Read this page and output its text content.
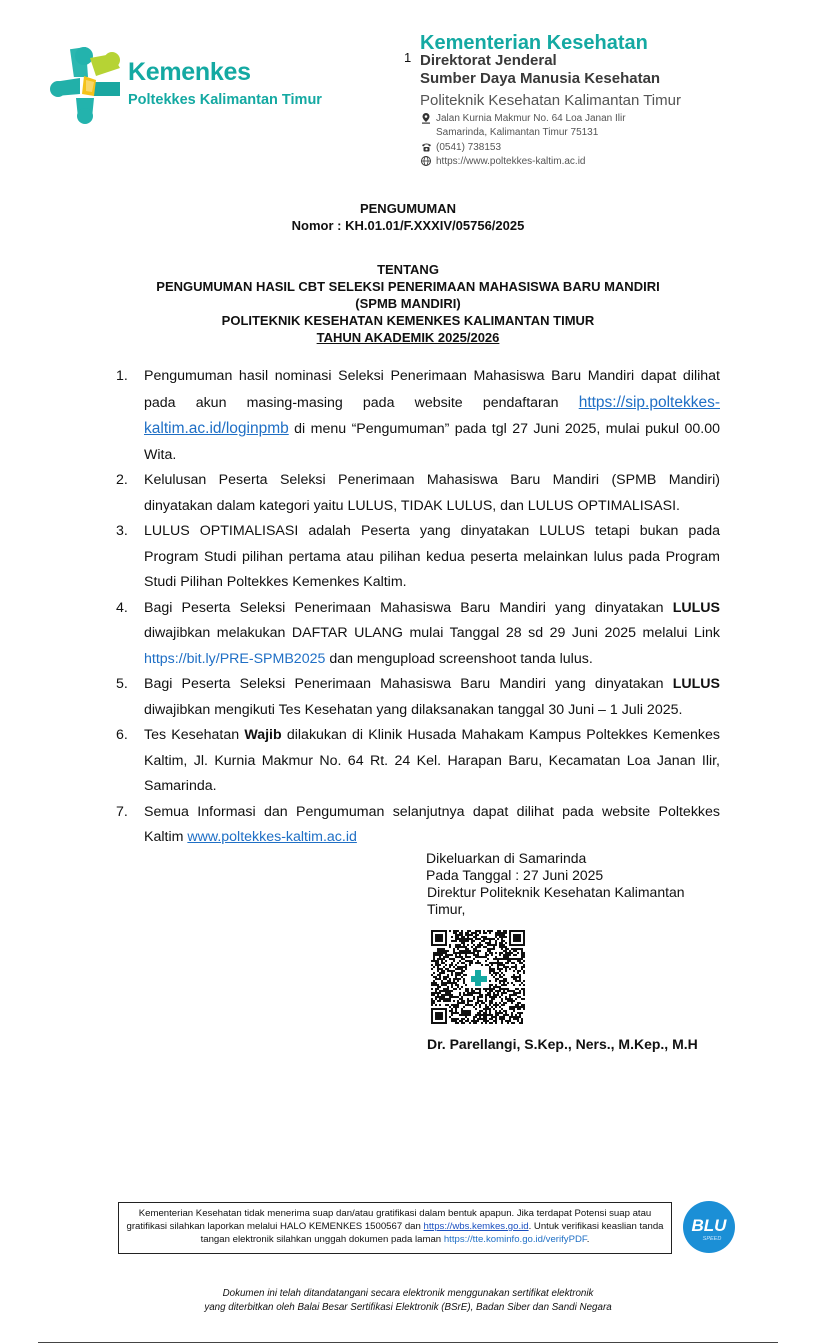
Kemenkes
Poltekkes Kalimantan Timur
1
Kementerian Kesehatan
Direktorat Jenderal
Sumber Daya Manusia Kesehatan
Politeknik Kesehatan Kalimantan Timur
Jalan Kurnia Makmur No. 64 Loa Janan Ilir
Samarinda, Kalimantan Timur 75131
(0541) 738153
https://www.poltekkes-kaltim.ac.id
PENGUMUMAN
Nomor : KH.01.01/F.XXXIV/05756/2025
TENTANG
PENGUMUMAN HASIL CBT SELEKSI PENERIMAAN MAHASISWA BARU MANDIRI
(SPMB MANDIRI)
POLITEKNIK KESEHATAN KEMENKES KALIMANTAN TIMUR
TAHUN AKADEMIK 2025/2026
1.	Pengumuman hasil nominasi Seleksi Penerimaan Mahasiswa Baru Mandiri dapat dilihat pada akun masing-masing pada website pendaftaran https://sip.poltekkes-kaltim.ac.id/loginpmb di menu “Pengumuman” pada tgl 27 Juni 2025, mulai pukul 00.00 Wita.
2.	Kelulusan Peserta Seleksi Penerimaan Mahasiswa Baru Mandiri (SPMB Mandiri) dinyatakan dalam kategori yaitu LULUS, TIDAK LULUS, dan LULUS OPTIMALISASI.
3.	LULUS OPTIMALISASI adalah Peserta yang dinyatakan LULUS tetapi bukan pada Program Studi pilihan pertama atau pilihan kedua peserta melainkan lulus pada Program Studi Pilihan Poltekkes Kemenkes Kaltim.
4.	Bagi Peserta Seleksi Penerimaan Mahasiswa Baru Mandiri yang dinyatakan LULUS diwajibkan melakukan DAFTAR ULANG mulai Tanggal 28 sd 29 Juni 2025 melalui Link https://bit.ly/PRE-SPMB2025 dan mengupload screenshoot tanda lulus.
5.	Bagi Peserta Seleksi Penerimaan Mahasiswa Baru Mandiri yang dinyatakan LULUS diwajibkan mengikuti Tes Kesehatan yang dilaksanakan tanggal 30 Juni – 1 Juli 2025.
6.	Tes Kesehatan Wajib dilakukan di Klinik Husada Mahakam Kampus Poltekkes Kemenkes Kaltim, Jl. Kurnia Makmur No. 64 Rt. 24 Kel. Harapan Baru, Kecamatan Loa Janan Ilir, Samarinda.
7.	Semua Informasi dan Pengumuman selanjutnya dapat dilihat pada website Poltekkes Kaltim www.poltekkes-kaltim.ac.id
Dikeluarkan di Samarinda
Pada Tanggal : 27 Juni 2025
Direktur Politeknik Kesehatan Kalimantan
Timur,
Dr. Parellangi, S.Kep., Ners., M.Kep., M.H
Kementerian Kesehatan tidak menerima suap dan/atau gratifikasi dalam bentuk apapun. Jika terdapat Potensi suap atau gratifikasi silahkan laporkan melalui HALO KEMENKES 1500567 dan https://wbs.kemkes.go.id. Untuk verifikasi keaslian tanda tangan elektronik silahkan unggah dokumen pada laman https://tte.kominfo.go.id/verifyPDF.
BLU
SPEED
Dokumen ini telah ditandatangani secara elektronik menggunakan sertifikat elektronik
yang diterbitkan oleh Balai Besar Sertifikasi Elektronik (BSrE), Badan Siber dan Sandi Negara
